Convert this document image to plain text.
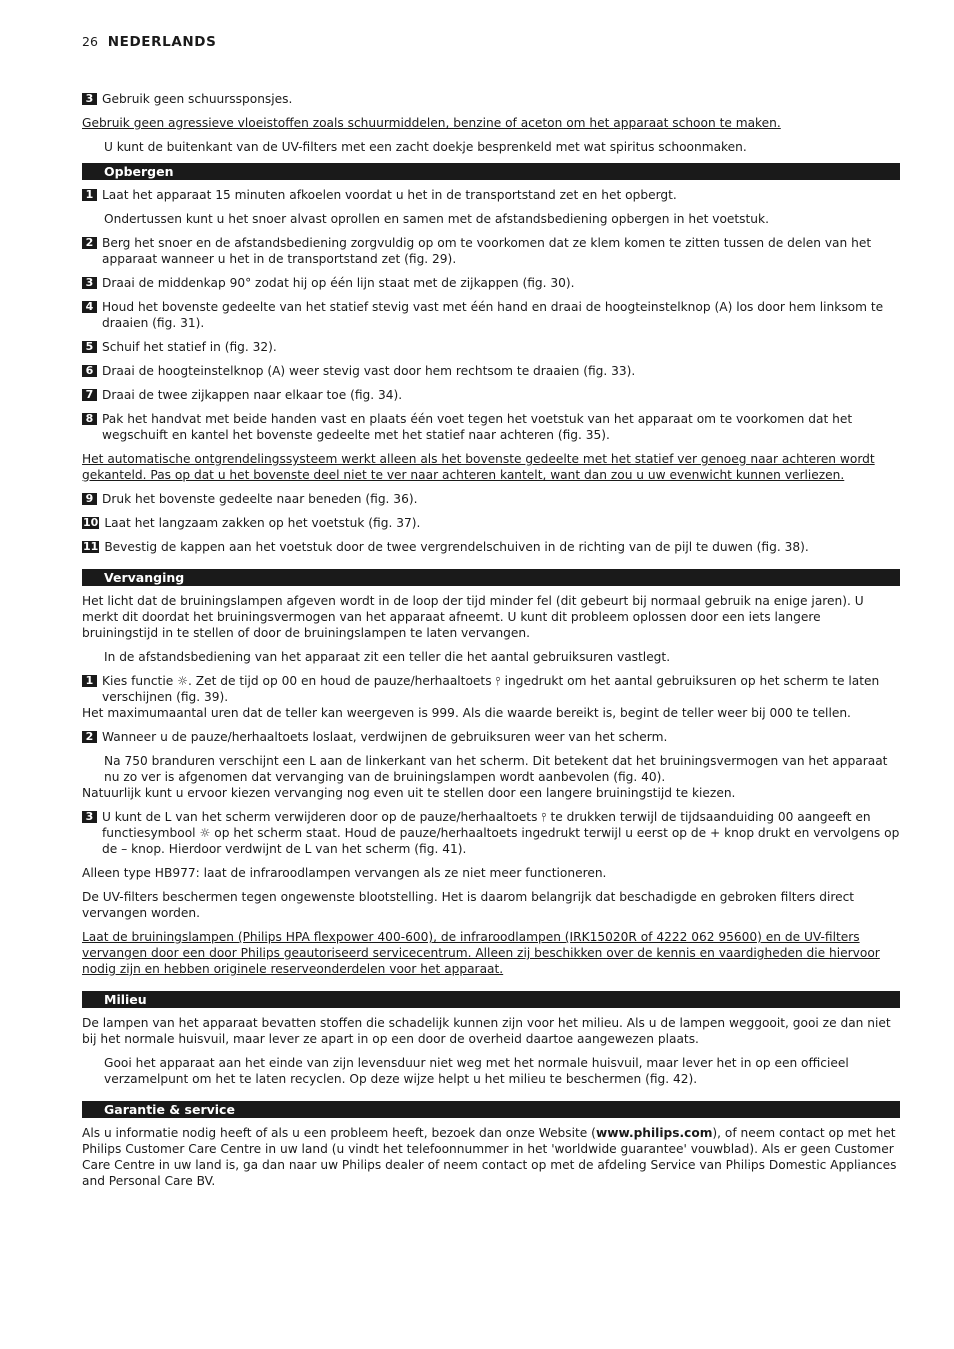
26 NEDERLANDS
3 Gebruik geen schuurssponsjes.
Gebruik geen agressieve vloeistoffen zoals schuurmiddelen, benzine of aceton om het apparaat schoon te maken.
U kunt de buitenkant van de UV-filters met een zacht doekje besprenkeld met wat spiritus schoonmaken.
Opbergen
1 Laat het apparaat 15 minuten afkoelen voordat u het in de transportstand zet en het opbergt.
Ondertussen kunt u het snoer alvast oprollen en samen met de afstandsbediening opbergen in het voetstuk.
2 Berg het snoer en de afstandsbediening zorgvuldig op om te voorkomen dat ze klem komen te zitten tussen de delen van het apparaat wanneer u het in de transportstand zet (fig. 29).
3 Draai de middenkap 90° zodat hij op één lijn staat met de zijkappen (fig. 30).
4 Houd het bovenste gedeelte van het statief stevig vast met één hand en draai de hoogteinstelknop (A) los door hem linksom te draaien (fig. 31).
5 Schuif het statief in (fig. 32).
6 Draai de hoogteinstelknop (A) weer stevig vast door hem rechtsom te draaien (fig. 33).
7 Draai de twee zijkappen naar elkaar toe (fig. 34).
8 Pak het handvat met beide handen vast en plaats één voet tegen het voetstuk van het apparaat om te voorkomen dat het wegschuift en kantel het bovenste gedeelte met het statief naar achteren (fig. 35).
Het automatische ontgrendelingssysteem werkt alleen als het bovenste gedeelte met het statief ver genoeg naar achteren wordt gekanteld. Pas op dat u het bovenste deel niet te ver naar achteren kantelt, want dan zou u uw evenwicht kunnen verliezen.
9 Druk het bovenste gedeelte naar beneden (fig. 36).
10 Laat het langzaam zakken op het voetstuk (fig. 37).
11 Bevestig de kappen aan het voetstuk door de twee vergrendelschuiven in de richting van de pijl te duwen (fig. 38).
Vervanging
Het licht dat de bruiningslampen afgeven wordt in de loop der tijd minder fel (dit gebeurt bij normaal gebruik na enige jaren). U merkt dit doordat het bruiningsvermogen van het apparaat afneemt. U kunt dit probleem oplossen door een iets langere bruiningstijd in te stellen of door de bruiningslampen te laten vervangen.
In de afstandsbediening van het apparaat zit een teller die het aantal gebruiksuren vastlegt.
1 Kies functie ☼. Zet de tijd op 00 en houd de pauze/herhaaltoets ⫯ ingedrukt om het aantal gebruiksuren op het scherm te laten verschijnen (fig. 39).
Het maximumaantal uren dat de teller kan weergeven is 999. Als die waarde bereikt is, begint de teller weer bij 000 te tellen.
2 Wanneer u de pauze/herhaaltoets loslaat, verdwijnen de gebruiksuren weer van het scherm.
Na 750 branduren verschijnt een L aan de linkerkant van het scherm. Dit betekent dat het bruiningsvermogen van het apparaat nu zo ver is afgenomen dat vervanging van de bruiningslampen wordt aanbevolen (fig. 40).
Natuurlijk kunt u ervoor kiezen vervanging nog even uit te stellen door een langere bruiningstijd te kiezen.
3 U kunt de L van het scherm verwijderen door op de pauze/herhaaltoets ⫯ te drukken terwijl de tijdsaanduiding 00 aangeeft en functiesymbool ☼ op het scherm staat. Houd de pauze/herhaaltoets ingedrukt terwijl u eerst op de + knop drukt en vervolgens op de – knop. Hierdoor verdwijnt de L van het scherm (fig. 41).
Alleen type HB977: laat de infraroodlampen vervangen als ze niet meer functioneren.
De UV-filters beschermen tegen ongewenste blootstelling. Het is daarom belangrijk dat beschadigde en gebroken filters direct vervangen worden.
Laat de bruiningslampen (Philips HPA flexpower 400-600), de infraroodlampen (IRK15020R of 4222 062 95600) en de UV-filters vervangen door een door Philips geautoriseerd servicecentrum. Alleen zij beschikken over de kennis en vaardigheden die hiervoor nodig zijn en hebben originele reserveonderdelen voor het apparaat.
Milieu
De lampen van het apparaat bevatten stoffen die schadelijk kunnen zijn voor het milieu. Als u de lampen weggooit, gooi ze dan niet bij het normale huisvuil, maar lever ze apart in op een door de overheid daartoe aangewezen plaats.
Gooi het apparaat aan het einde van zijn levensduur niet weg met het normale huisvuil, maar lever het in op een officieel verzamelpunt om het te laten recyclen. Op deze wijze helpt u het milieu te beschermen (fig. 42).
Garantie & service
Als u informatie nodig heeft of als u een probleem heeft, bezoek dan onze Website (www.philips.com), of neem contact op met het Philips Customer Care Centre in uw land (u vindt het telefoonnummer in het 'worldwide guarantee' vouwblad). Als er geen Customer Care Centre in uw land is, ga dan naar uw Philips dealer of neem contact op met de afdeling Service van Philips Domestic Appliances and Personal Care BV.
